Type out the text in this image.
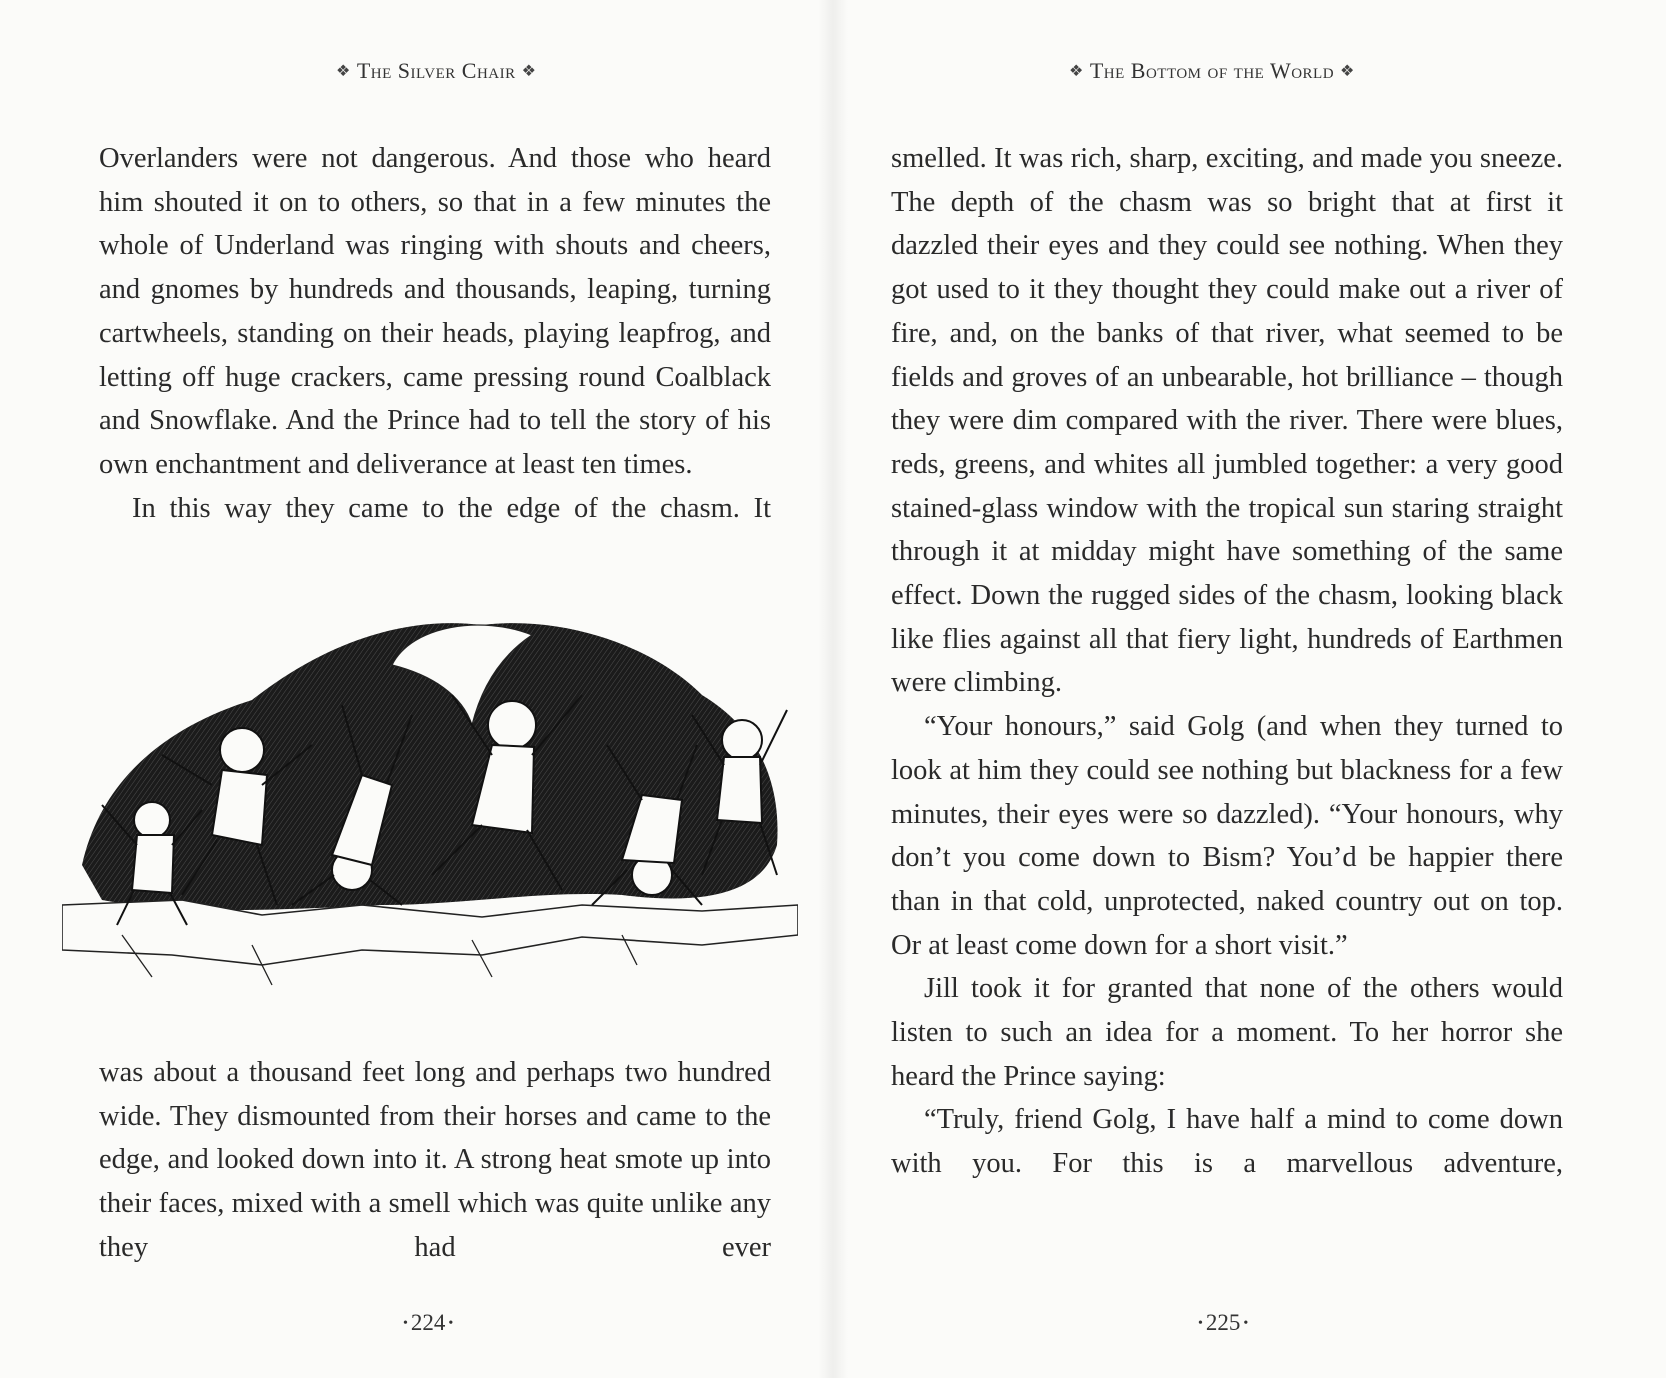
❖ The Silver Chair ❖

Overlanders were not dangerous. And those who heard him shouted it on to others, so that in a few minutes the whole of Underland was ringing with shouts and cheers, and gnomes by hundreds and thousands, leaping, turning cartwheels, standing on their heads, playing leapfrog, and letting off huge crackers, came pressing round Coalblack and Snowflake. And the Prince had to tell the story of his own enchantment and deliverance at least ten times.

In this way they came to the edge of the chasm. It

was about a thousand feet long and perhaps two hundred wide. They dismounted from their horses and came to the edge, and looked down into it. A strong heat smote up into their faces, mixed with a smell which was quite unlike any they had ever

• 224 •
❖ The Bottom of the World ❖

smelled. It was rich, sharp, exciting, and made you sneeze. The depth of the chasm was so bright that at first it dazzled their eyes and they could see nothing. When they got used to it they thought they could make out a river of fire, and, on the banks of that river, what seemed to be fields and groves of an unbearable, hot brilliance – though they were dim compared with the river. There were blues, reds, greens, and whites all jumbled together: a very good stained-glass window with the tropical sun staring straight through it at midday might have something of the same effect. Down the rugged sides of the chasm, looking black like flies against all that fiery light, hundreds of Earthmen were climbing.

“Your honours,” said Golg (and when they turned to look at him they could see nothing but blackness for a few minutes, their eyes were so dazzled). “Your honours, why don’t you come down to Bism? You’d be happier there than in that cold, unprotected, naked country out on top. Or at least come down for a short visit.”

Jill took it for granted that none of the others would listen to such an idea for a moment. To her horror she heard the Prince saying:

“Truly, friend Golg, I have half a mind to come down with you. For this is a marvellous adventure,

• 225 •
